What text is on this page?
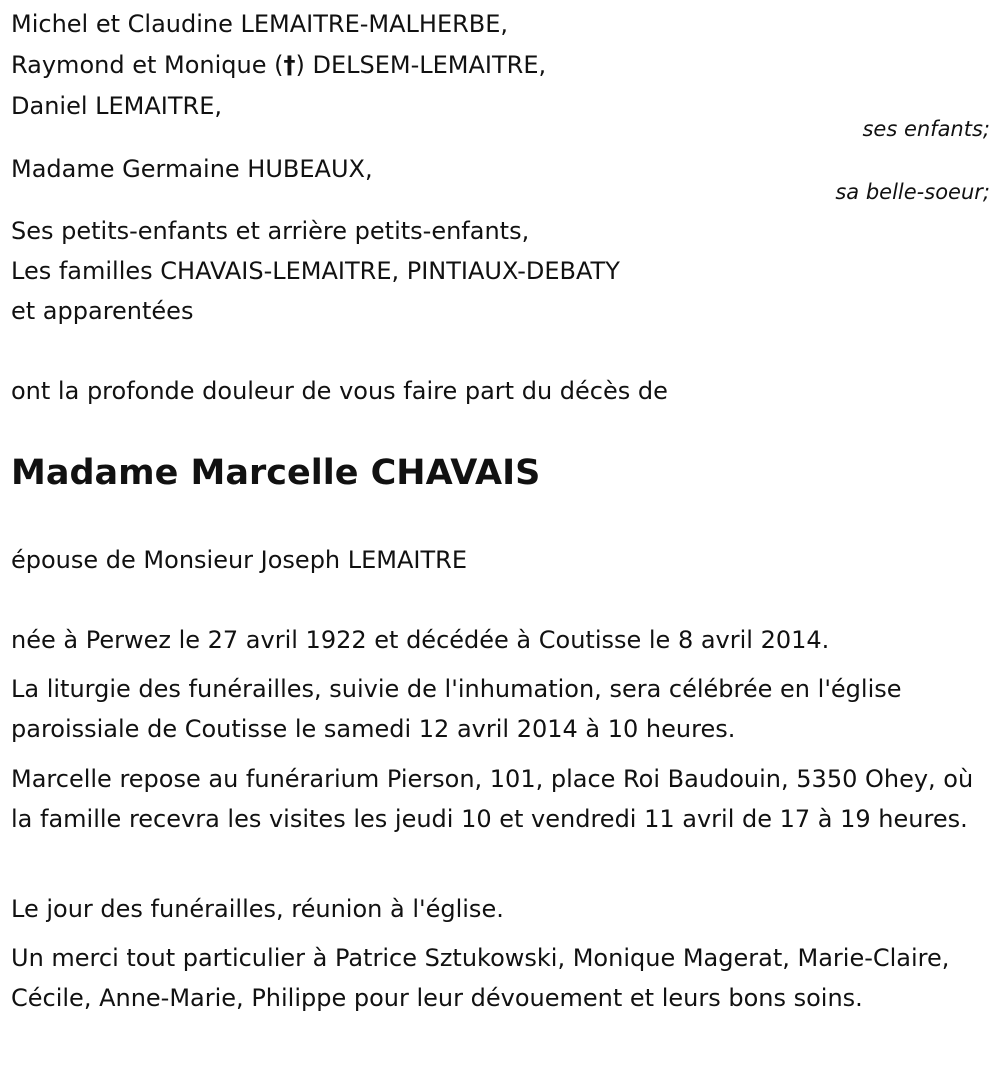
Michel et Claudine LEMAITRE-MALHERBE,
Raymond et Monique (†) DELSEM-LEMAITRE,
Daniel LEMAITRE,
ses enfants;
Madame Germaine HUBEAUX,
sa belle-soeur;
Ses petits-enfants et arrière petits-enfants,
Les familles CHAVAIS-LEMAITRE, PINTIAUX-DEBATY
et apparentées
ont la profonde douleur de vous faire part du décès de
Madame Marcelle CHAVAIS
épouse de Monsieur Joseph LEMAITRE
née à Perwez le 27 avril 1922 et décédée à Coutisse le 8 avril 2014.
La liturgie des funérailles, suivie de l'inhumation, sera célébrée en l'église paroissiale de Coutisse le samedi 12 avril 2014 à 10 heures.
Marcelle repose au funérarium Pierson, 101, place Roi Baudouin, 5350 Ohey, où la famille recevra les visites les jeudi 10 et vendredi 11 avril de 17 à 19 heures.
Le jour des funérailles, réunion à l'église.
Un merci tout particulier à Patrice Sztukowski, Monique Magerat, Marie-Claire, Cécile, Anne-Marie, Philippe pour leur dévouement et leurs bons soins.
